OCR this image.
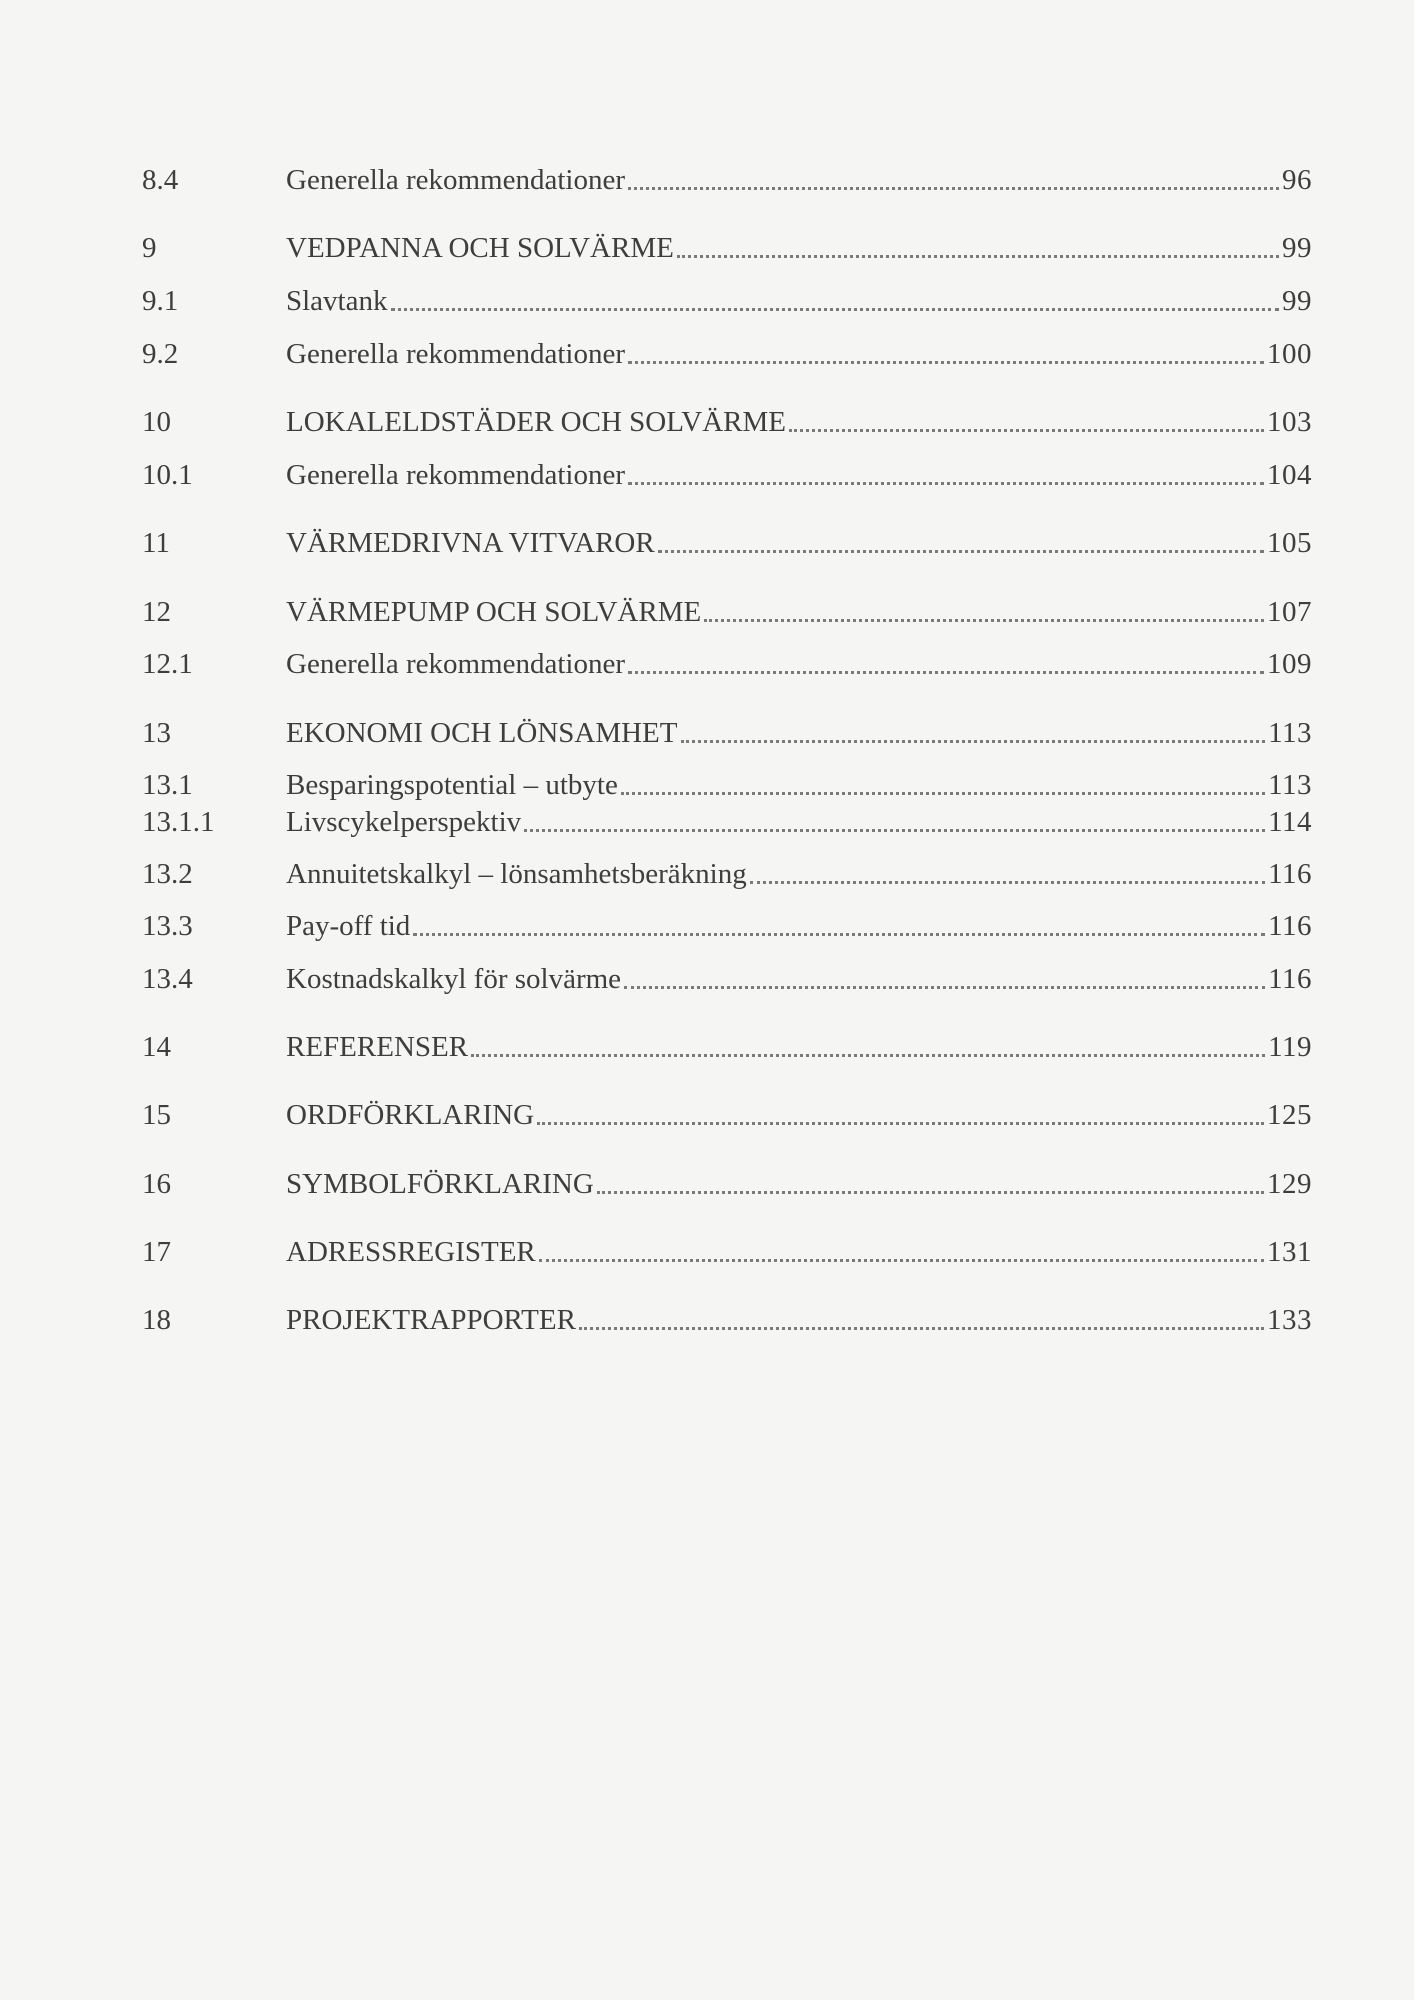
8.4	Generella rekommendationer	96
9	VEDPANNA OCH SOLVÄRME	99
9.1	Slavtank	99
9.2	Generella rekommendationer	100
10	LOKALELDSTÄDER OCH SOLVÄRME	103
10.1	Generella rekommendationer	104
11	VÄRMEDRIVNA VITVAROR	105
12	VÄRMEPUMP OCH SOLVÄRME	107
12.1	Generella rekommendationer	109
13	EKONOMI OCH LÖNSAMHET	113
13.1	Besparingspotential – utbyte	113
13.1.1	Livscykelperspektiv	114
13.2	Annuitetskalkyl – lönsamhetsberäkning	116
13.3	Pay-off tid	116
13.4	Kostnadskalkyl för solvärme	116
14	REFERENSER	119
15	ORDFÖRKLARING	125
16	SYMBOLFÖRKLARING	129
17	ADRESSREGISTER	131
18	PROJEKTRAPPORTER	133
